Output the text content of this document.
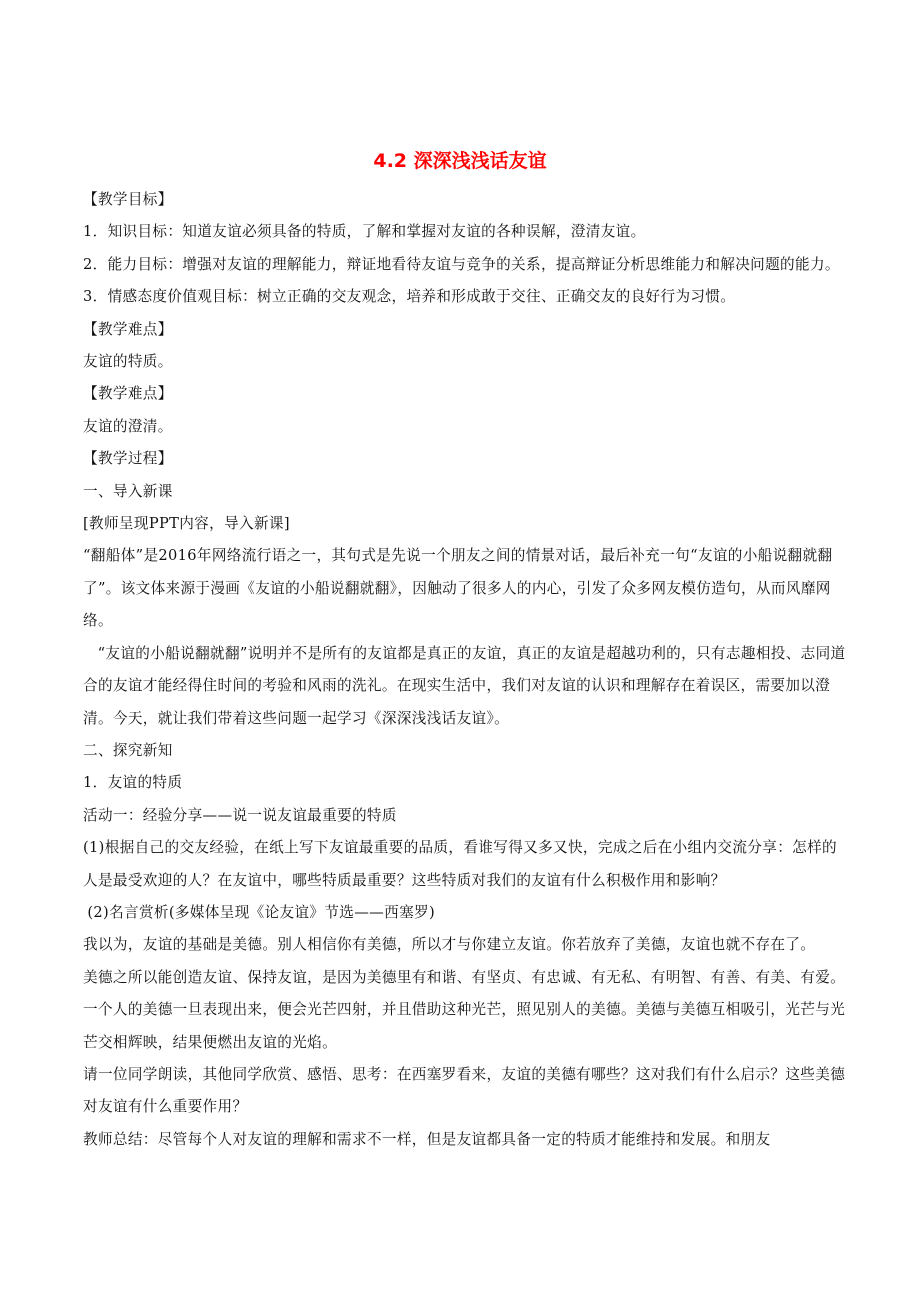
4.2 深深浅浅话友谊

【教学目标】

1．知识目标：知道友谊必须具备的特质，了解和掌握对友谊的各种误解，澄清友谊。

2．能力目标：增强对友谊的理解能力，辩证地看待友谊与竞争的关系，提高辩证分析思维能力和解决问题的能力。

3．情感态度价值观目标：树立正确的交友观念，培养和形成敢于交往、正确交友的良好行为习惯。

【教学难点】

友谊的特质。

【教学难点】

友谊的澄清。

【教学过程】

一、导入新课

[教师呈现PPT内容，导入新课]

“翻船体”是2016年网络流行语之一，其句式是先说一个朋友之间的情景对话，最后补充一句“友谊的小船说翻就翻了”。该文体来源于漫画《友谊的小船说翻就翻》，因触动了很多人的内心，引发了众多网友模仿造句，从而风靡网络。

“友谊的小船说翻就翻”说明并不是所有的友谊都是真正的友谊，真正的友谊是超越功利的，只有志趣相投、志同道合的友谊才能经得住时间的考验和风雨的洗礼。在现实生活中，我们对友谊的认识和理解存在着误区，需要加以澄清。今天，就让我们带着这些问题一起学习《深深浅浅话友谊》。

二、探究新知

1．友谊的特质

活动一：经验分享——说一说友谊最重要的特质

(1)根据自己的交友经验，在纸上写下友谊最重要的品质，看谁写得又多又快，完成之后在小组内交流分享：怎样的人是最受欢迎的人？在友谊中，哪些特质最重要？这些特质对我们的友谊有什么积极作用和影响？

(2)名言赏析(多媒体呈现《论友谊》节选——西塞罗)

我以为，友谊的基础是美德。别人相信你有美德，所以才与你建立友谊。你若放弃了美德，友谊也就不存在了。

美德之所以能创造友谊、保持友谊，是因为美德里有和谐、有坚贞、有忠诚、有无私、有明智、有善、有美、有爱。一个人的美德一旦表现出来，便会光芒四射，并且借助这种光芒，照见别人的美德。美德与美德互相吸引，光芒与光芒交相辉映，结果便燃出友谊的光焰。

请一位同学朗读，其他同学欣赏、感悟、思考：在西塞罗看来，友谊的美德有哪些？这对我们有什么启示？这些美德对友谊有什么重要作用？

教师总结：尽管每个人对友谊的理解和需求不一样，但是友谊都具备一定的特质才能维持和发展。和朋友
